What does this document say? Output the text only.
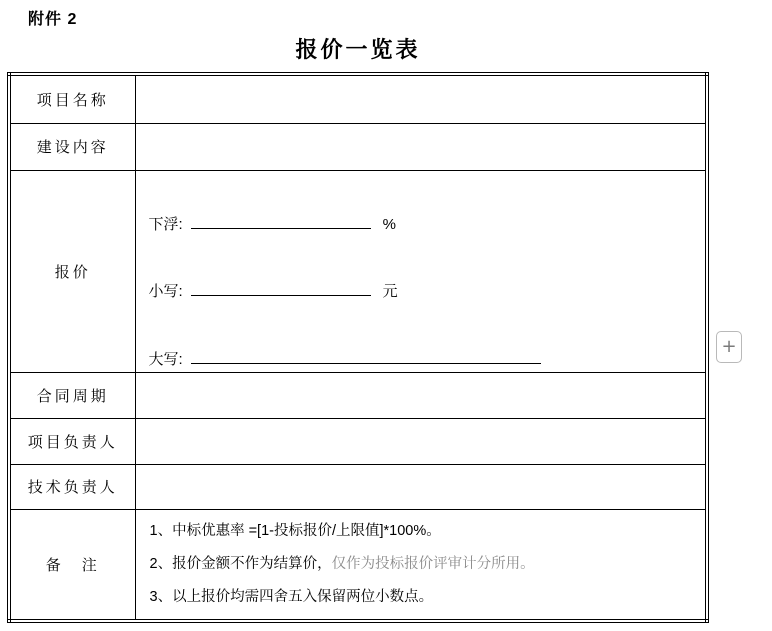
附件 2
报价一览表
项目名称	
建设内容	
报价	下浮: %
小写: 元
大写:

合同周期	
项目负责人	
技术负责人	
备　注	1、中标优惠率 =[1-投标报价/上限值]*100%。
2、报价金额不作为结算价，仅作为投标报价评审计分所用。
3、以上报价均需四舍五入保留两位小数点。
+
